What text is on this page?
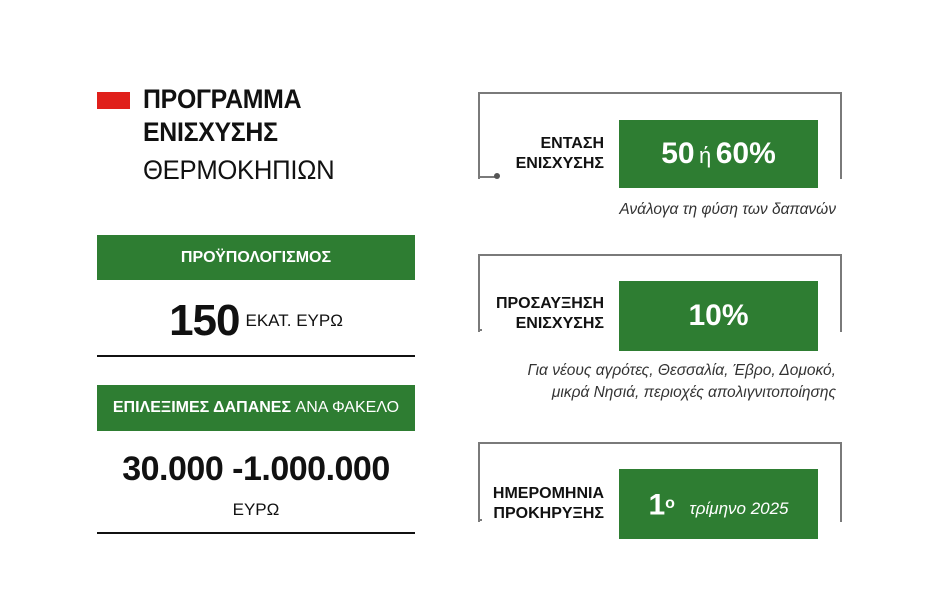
ΠΡΟΓΡΑΜΜΑ
ΕΝΙΣΧΥΣΗΣ
ΘΕΡΜΟΚΗΠΙΩΝ
ΠΡΟΫΠΟΛΟΓΙΣΜΟΣ
150 ΕΚΑΤ. ΕΥΡΩ
ΕΠΙΛΕΞΙΜΕΣ ΔΑΠΑΝΕΣ ΑΝΑ ΦΑΚΕΛΟ
30.000 -1.000.000
ΕΥΡΩ
ΕΝΤΑΣΗ
ΕΝΙΣΧΥΣΗΣ	50 ή 60%
Ανάλογα τη φύση των δαπανών
ΠΡΟΣΑΥΞΗΣΗ
ΕΝΙΣΧΥΣΗΣ	10%
Για νέους αγρότες, Θεσσαλία, Έβρο, Δομοκό,
μικρά Νησιά, περιοχές απολιγνιτοποίησης
ΗΜΕΡΟΜΗΝΙΑ
ΠΡΟΚΗΡΥΞΗΣ	$1^o$ τρίμηνο 2025
